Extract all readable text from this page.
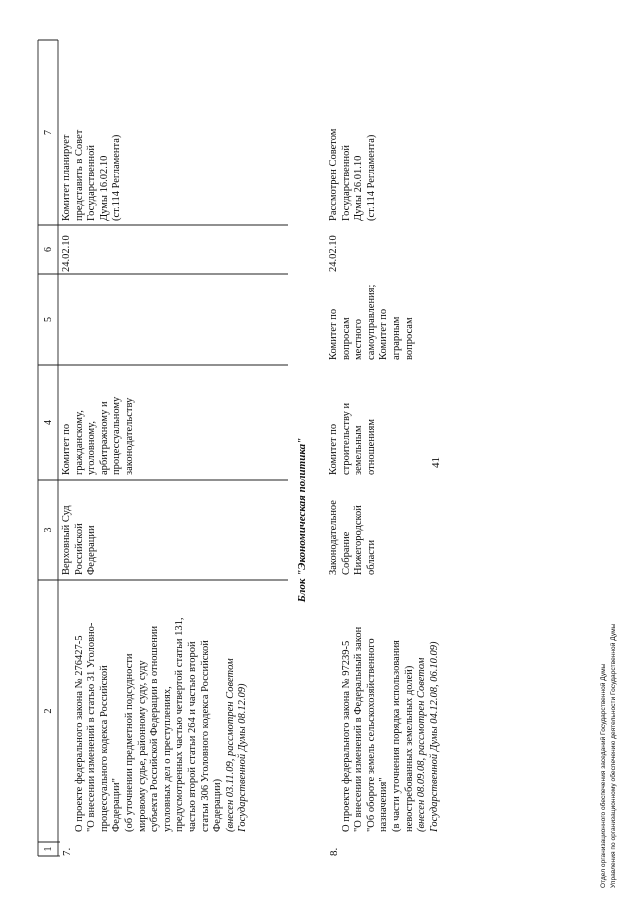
41
1
2
3
4
5
6
7
7.

О проекте федерального закона № 276427-5
"О внесении изменений в статью 31 Уголовно-
процессуального кодекса Российской
Федерации"
(об уточнении предметной подсудности
мировому судье, районному суду, суду
субъекта Российской Федерации в отношении
уголовных дел о преступлениях,
предусмотренных частью четвертой статьи 131,
частью второй статьи 264 и частью второй
статьи 306 Уголовного кодекса Российской
Федерации) (внесен 03.11.09, рассмотрен Советом
Государственной Думы 08.12.09)

Верховный Суд
Российской
Федерации
Комитет по
гражданскому,
уголовному,
арбитражному и
процессуальному
законодательству
24.02.10
Комитет планирует
представить в Совет
Государственной
Думы 16.02.10
(ст.114 Регламента)
Блок "Экономическая политика"
8.

О проекте федерального закона № 97239-5
"О внесении изменений в Федеральный закон
"Об обороте земель сельскохозяйственного
назначения"
(в части уточнения порядка использования
невостребованных земельных долей)

(внесен 08.09.08, рассмотрен Советом
Государственной Думы 04.12.08, 06.10.09)

Законодательное
Собрание
Нижегородской
области
Комитет по
строительству и
земельным
отношениям
Комитет по
вопросам местного
самоуправления;
Комитет по
аграрным
вопросам
24.02.10
Рассмотрен Советом
Государственной
Думы 26.01.10
(ст.114 Регламента)
Отдел организационного обеспечения заседаний Государственной Думы Управления по организационному обеспечению деятельности Государственной Думы
